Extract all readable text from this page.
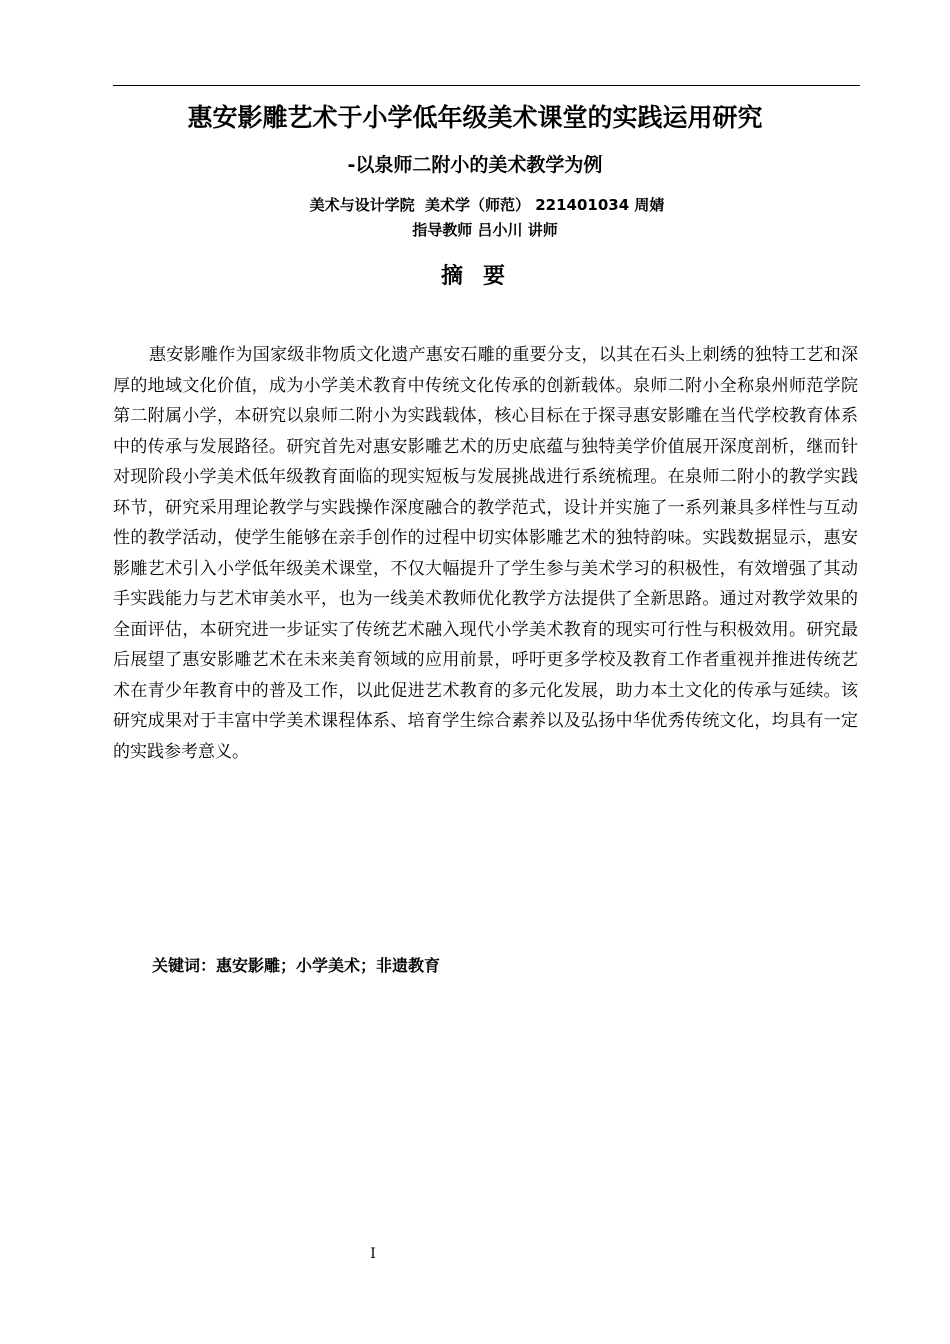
惠安影雕艺术于小学低年级美术课堂的实践运用研究
-以泉师二附小的美术教学为例
美术与设计学院  美术学（师范） 221401034 周婧
指导教师 吕小川 讲师
摘要

惠安影雕作为国家级非物质文化遗产惠安石雕的重要分支，以其在石头上刺绣的独特工艺和深厚的地域文化价值，成为小学美术教育中传统文化传承的创新载体。泉师二附小全称泉州师范学院第二附属小学，本研究以泉师二附小为实践载体，核心目标在于探寻惠安影雕在当代学校教育体系中的传承与发展路径。研究首先对惠安影雕艺术的历史底蕴与独特美学价值展开深度剖析，继而针对现阶段小学美术低年级教育面临的现实短板与发展挑战进行系统梳理。在泉师二附小的教学实践环节，研究采用理论教学与实践操作深度融合的教学范式，设计并实施了一系列兼具多样性与互动性的教学活动，使学生能够在亲手创作的过程中切实体影雕艺术的独特韵味。实践数据显示，惠安影雕艺术引入小学低年级美术课堂，不仅大幅提升了学生参与美术学习的积极性，有效增强了其动手实践能力与艺术审美水平，也为一线美术教师优化教学方法提供了全新思路。通过对教学效果的全面评估，本研究进一步证实了传统艺术融入现代小学美术教育的现实可行性与积极效用。研究最后展望了惠安影雕艺术在未来美育领域的应用前景，呼吁更多学校及教育工作者重视并推进传统艺术在青少年教育中的普及工作，以此促进艺术教育的多元化发展，助力本土文化的传承与延续。该研究成果对于丰富中学美术课程体系、培育学生综合素养以及弘扬中华优秀传统文化，均具有一定的实践参考意义。

关键词：惠安影雕；小学美术；非遗教育
I
